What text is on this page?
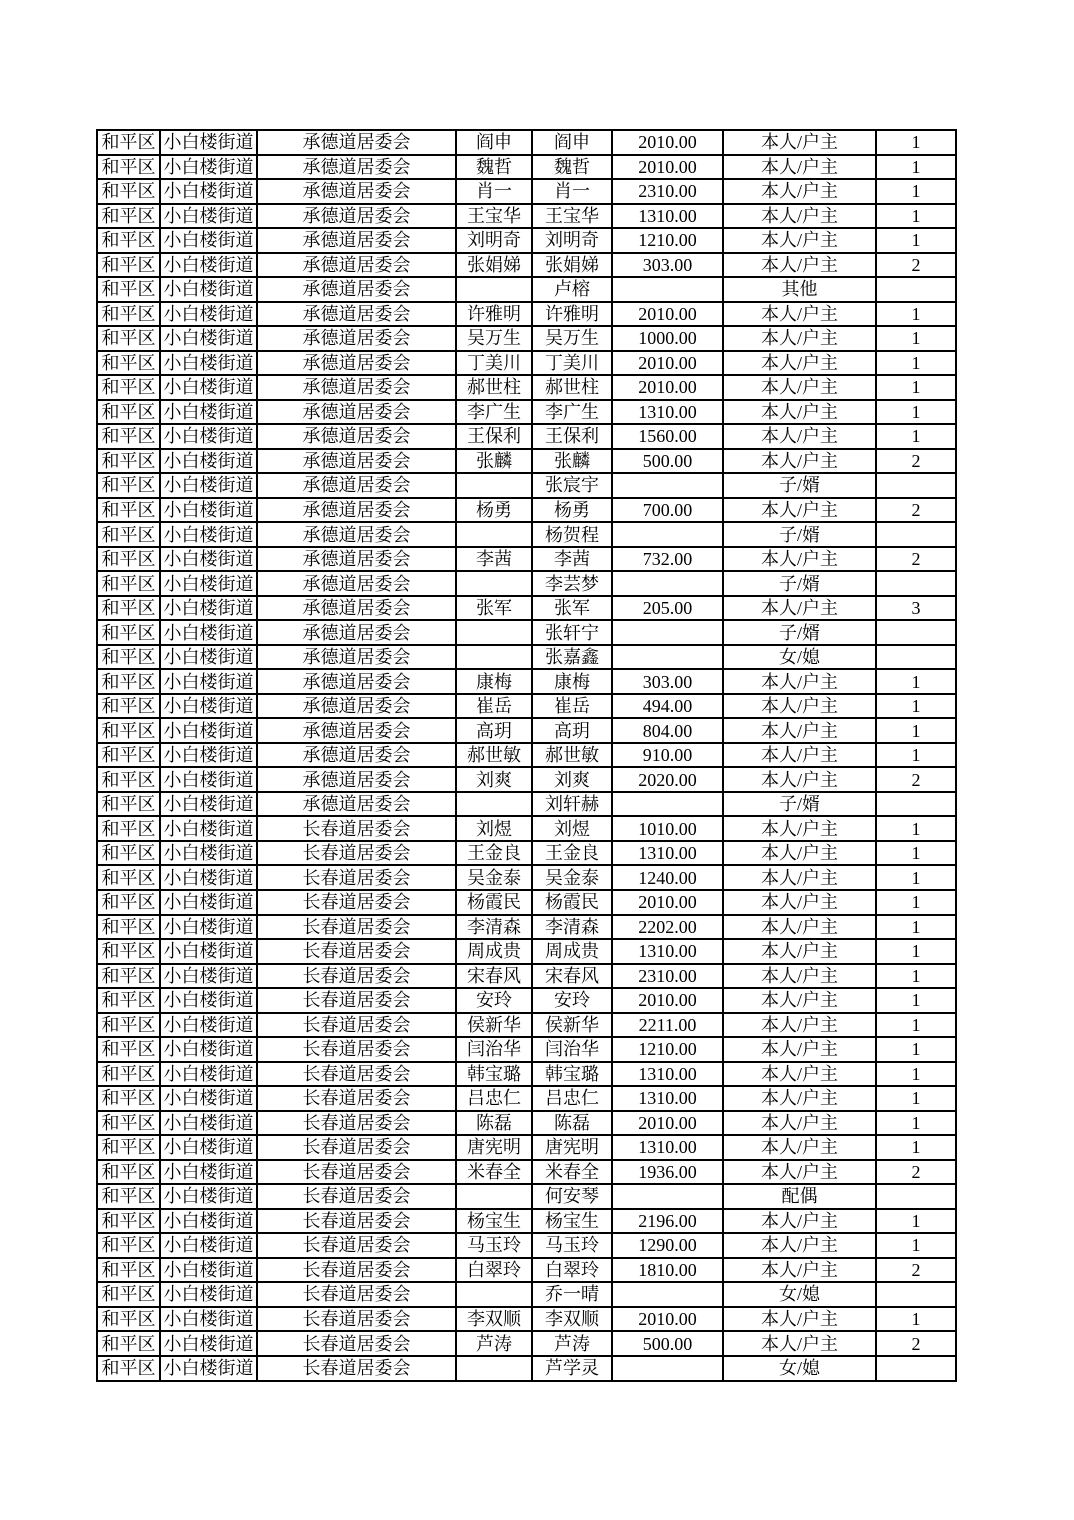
和平区	小白楼街道	承德道居委会	阎申	阎申	2010.00	本人/户主	1
和平区	小白楼街道	承德道居委会	魏哲	魏哲	2010.00	本人/户主	1
和平区	小白楼街道	承德道居委会	肖一	肖一	2310.00	本人/户主	1
和平区	小白楼街道	承德道居委会	王宝华	王宝华	1310.00	本人/户主	1
和平区	小白楼街道	承德道居委会	刘明奇	刘明奇	1210.00	本人/户主	1
和平区	小白楼街道	承德道居委会	张娟娣	张娟娣	303.00	本人/户主	2
和平区	小白楼街道	承德道居委会		卢榕		其他	
和平区	小白楼街道	承德道居委会	许雅明	许雅明	2010.00	本人/户主	1
和平区	小白楼街道	承德道居委会	吴万生	吴万生	1000.00	本人/户主	1
和平区	小白楼街道	承德道居委会	丁美川	丁美川	2010.00	本人/户主	1
和平区	小白楼街道	承德道居委会	郝世柱	郝世柱	2010.00	本人/户主	1
和平区	小白楼街道	承德道居委会	李广生	李广生	1310.00	本人/户主	1
和平区	小白楼街道	承德道居委会	王保利	王保利	1560.00	本人/户主	1
和平区	小白楼街道	承德道居委会	张麟	张麟	500.00	本人/户主	2
和平区	小白楼街道	承德道居委会		张宸宇		子/婿	
和平区	小白楼街道	承德道居委会	杨勇	杨勇	700.00	本人/户主	2
和平区	小白楼街道	承德道居委会		杨贺程		子/婿	
和平区	小白楼街道	承德道居委会	李茜	李茜	732.00	本人/户主	2
和平区	小白楼街道	承德道居委会		李芸梦		子/婿	
和平区	小白楼街道	承德道居委会	张军	张军	205.00	本人/户主	3
和平区	小白楼街道	承德道居委会		张轩宁		子/婿	
和平区	小白楼街道	承德道居委会		张嘉鑫		女/媳	
和平区	小白楼街道	承德道居委会	康梅	康梅	303.00	本人/户主	1
和平区	小白楼街道	承德道居委会	崔岳	崔岳	494.00	本人/户主	1
和平区	小白楼街道	承德道居委会	高玥	高玥	804.00	本人/户主	1
和平区	小白楼街道	承德道居委会	郝世敏	郝世敏	910.00	本人/户主	1
和平区	小白楼街道	承德道居委会	刘爽	刘爽	2020.00	本人/户主	2
和平区	小白楼街道	承德道居委会		刘轩赫		子/婿	
和平区	小白楼街道	长春道居委会	刘煜	刘煜	1010.00	本人/户主	1
和平区	小白楼街道	长春道居委会	王金良	王金良	1310.00	本人/户主	1
和平区	小白楼街道	长春道居委会	吴金泰	吴金泰	1240.00	本人/户主	1
和平区	小白楼街道	长春道居委会	杨霞民	杨霞民	2010.00	本人/户主	1
和平区	小白楼街道	长春道居委会	李清森	李清森	2202.00	本人/户主	1
和平区	小白楼街道	长春道居委会	周成贵	周成贵	1310.00	本人/户主	1
和平区	小白楼街道	长春道居委会	宋春风	宋春风	2310.00	本人/户主	1
和平区	小白楼街道	长春道居委会	安玲	安玲	2010.00	本人/户主	1
和平区	小白楼街道	长春道居委会	侯新华	侯新华	2211.00	本人/户主	1
和平区	小白楼街道	长春道居委会	闫治华	闫治华	1210.00	本人/户主	1
和平区	小白楼街道	长春道居委会	韩宝璐	韩宝璐	1310.00	本人/户主	1
和平区	小白楼街道	长春道居委会	吕忠仁	吕忠仁	1310.00	本人/户主	1
和平区	小白楼街道	长春道居委会	陈磊	陈磊	2010.00	本人/户主	1
和平区	小白楼街道	长春道居委会	唐宪明	唐宪明	1310.00	本人/户主	1
和平区	小白楼街道	长春道居委会	米春全	米春全	1936.00	本人/户主	2
和平区	小白楼街道	长春道居委会		何安琴		配偶	
和平区	小白楼街道	长春道居委会	杨宝生	杨宝生	2196.00	本人/户主	1
和平区	小白楼街道	长春道居委会	马玉玲	马玉玲	1290.00	本人/户主	1
和平区	小白楼街道	长春道居委会	白翠玲	白翠玲	1810.00	本人/户主	2
和平区	小白楼街道	长春道居委会		乔一晴		女/媳	
和平区	小白楼街道	长春道居委会	李双顺	李双顺	2010.00	本人/户主	1
和平区	小白楼街道	长春道居委会	芦涛	芦涛	500.00	本人/户主	2
和平区	小白楼街道	长春道居委会		芦学灵		女/媳	
